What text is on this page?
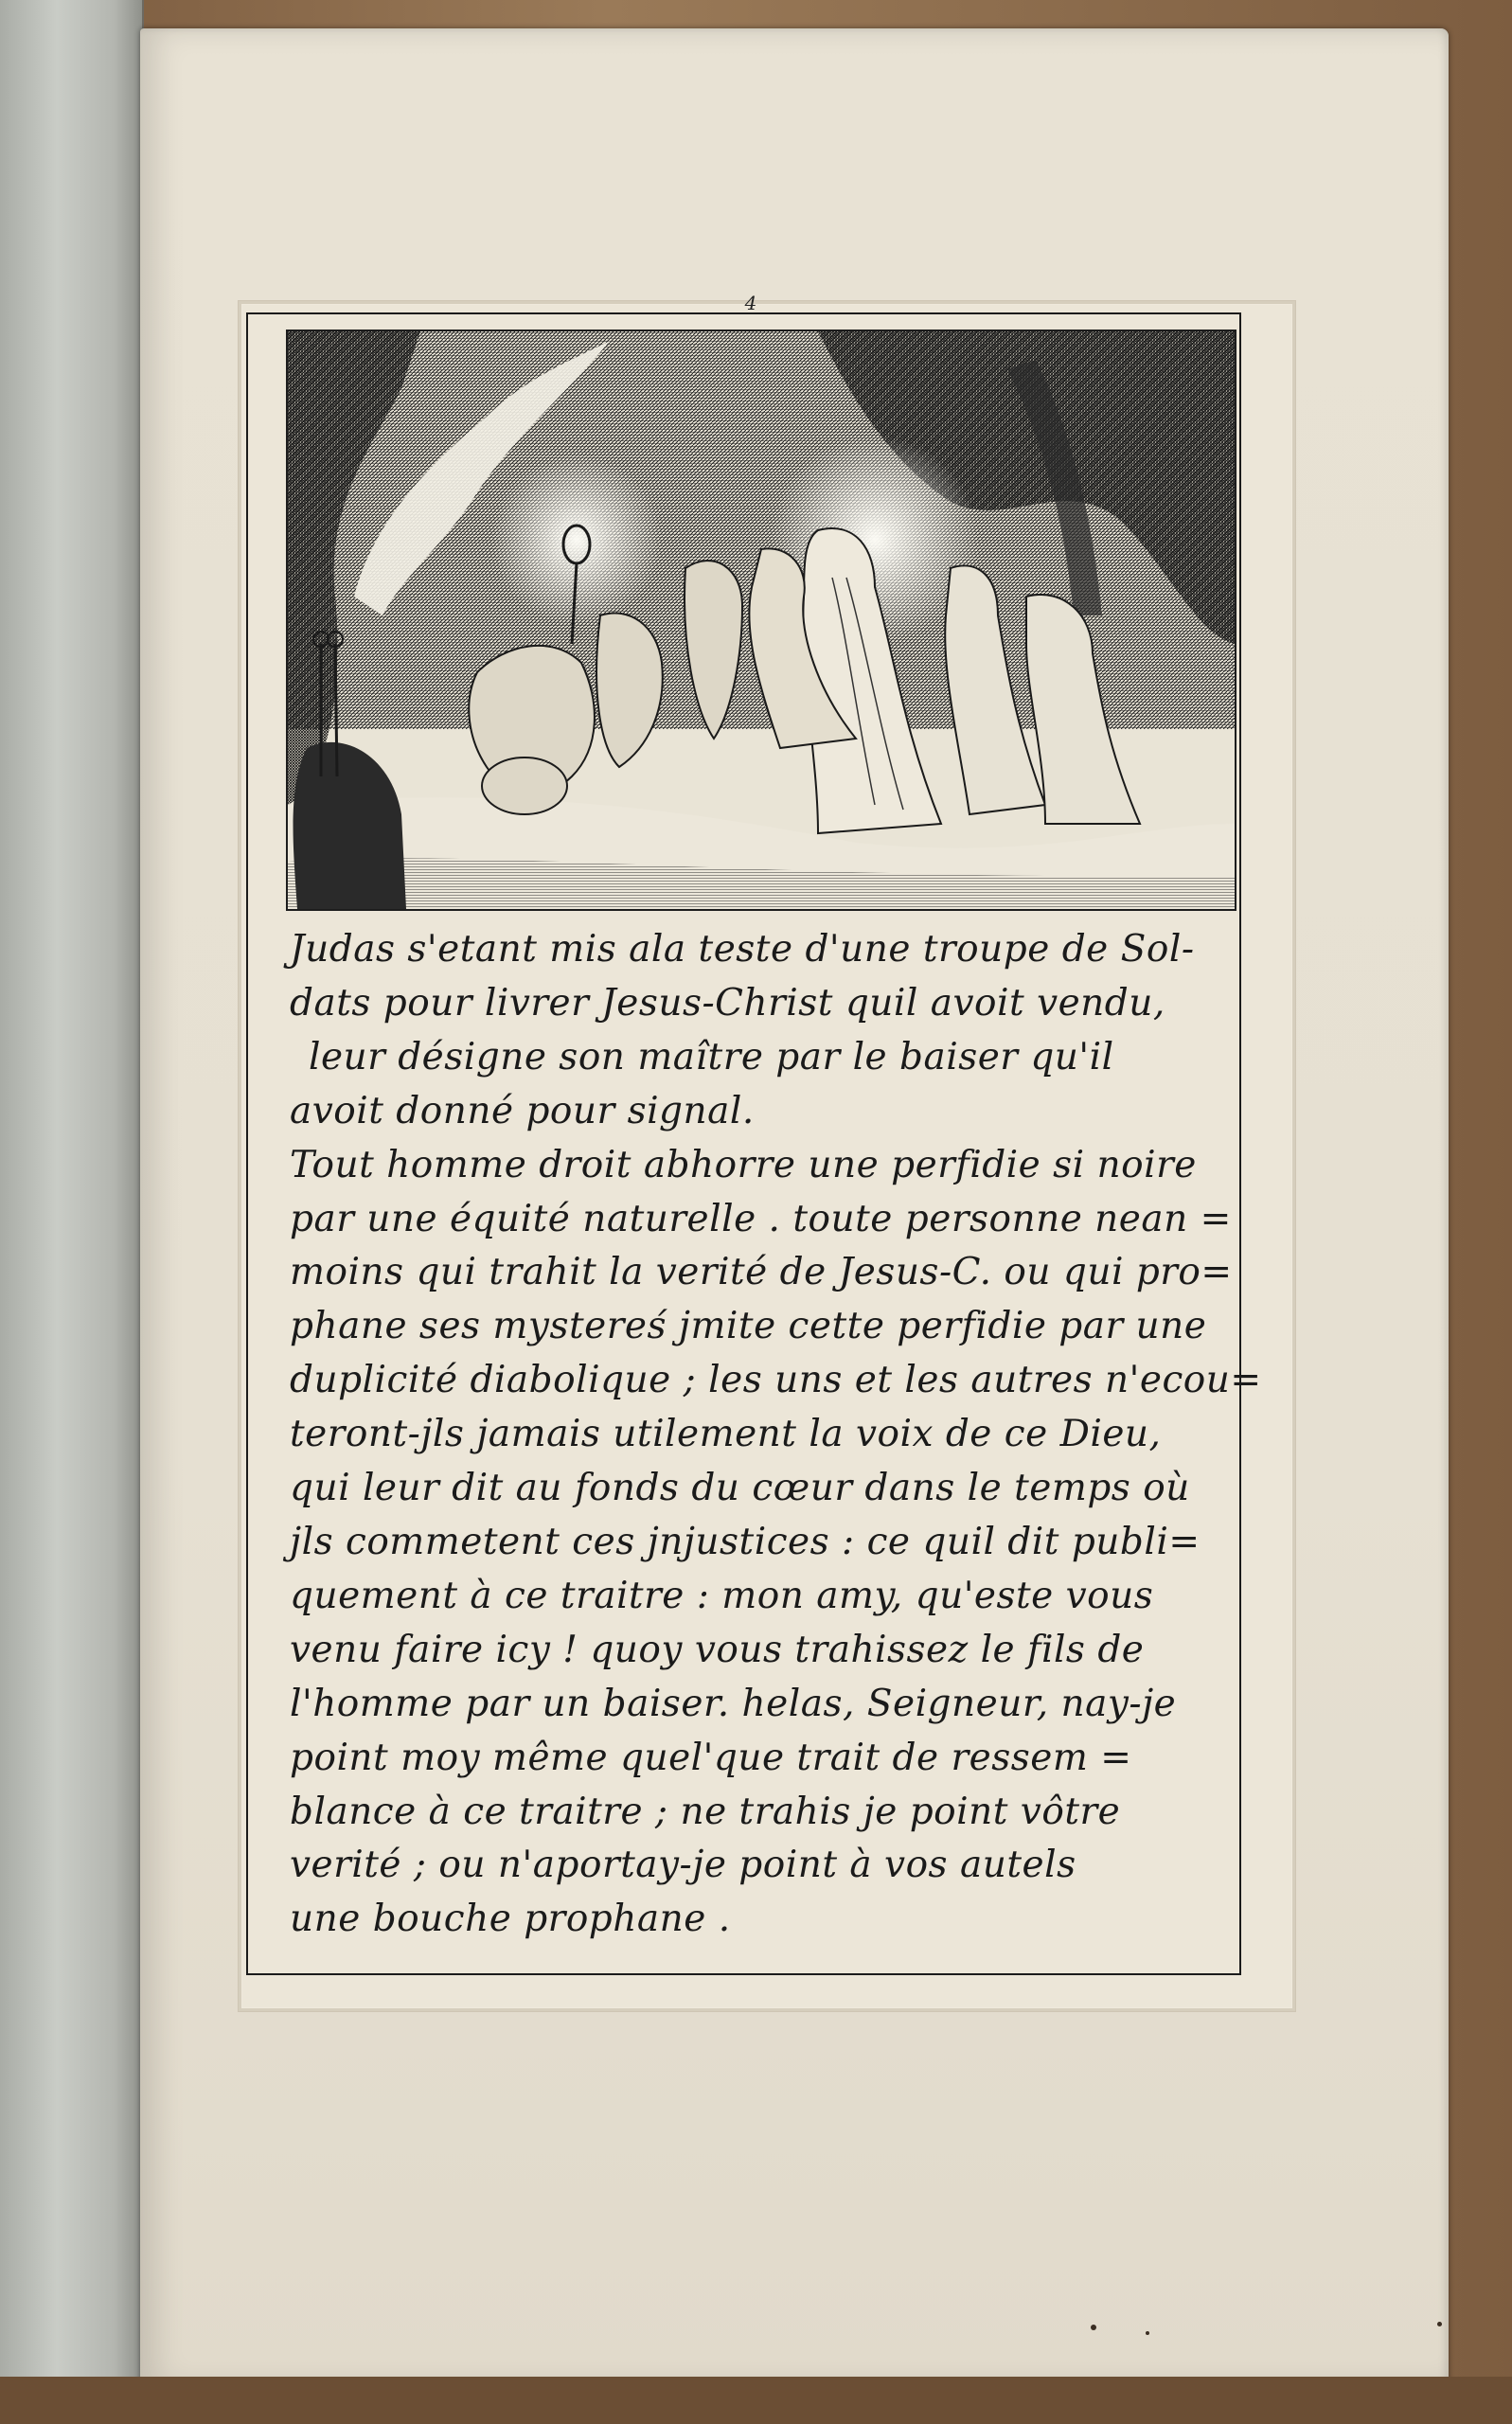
4
Judas s'etant mis ala teste d'une troupe de Sol-
dats pour livrer Jesus-Christ quil avoit vendu,
leur désigne son maître par le baiser qu'il
avoit donné pour signal.
Tout homme droit abhorre une perfidie si noire
par une équité naturelle . toute personne nean =
moins qui trahit la verité de Jesus-C. ou qui pro=
phane ses mystereś jmite cette perfidie par une
duplicité diabolique ; les uns et les autres n'ecou=
teront-jls jamais utilement la voix de ce Dieu,
qui leur dit au fonds du cœur dans le temps où
jls commetent ces jnjustices : ce quil dit publi=
quement à ce traitre : mon amy, qu'este vous
venu faire icy ! quoy vous trahissez le fils de
l'homme par un baiser. helas, Seigneur, nay-je
point moy même quel'que trait de ressem =
blance à ce traitre ; ne trahis je point vôtre
verité ; ou n'aportay-je point à vos autels
une bouche prophane .
